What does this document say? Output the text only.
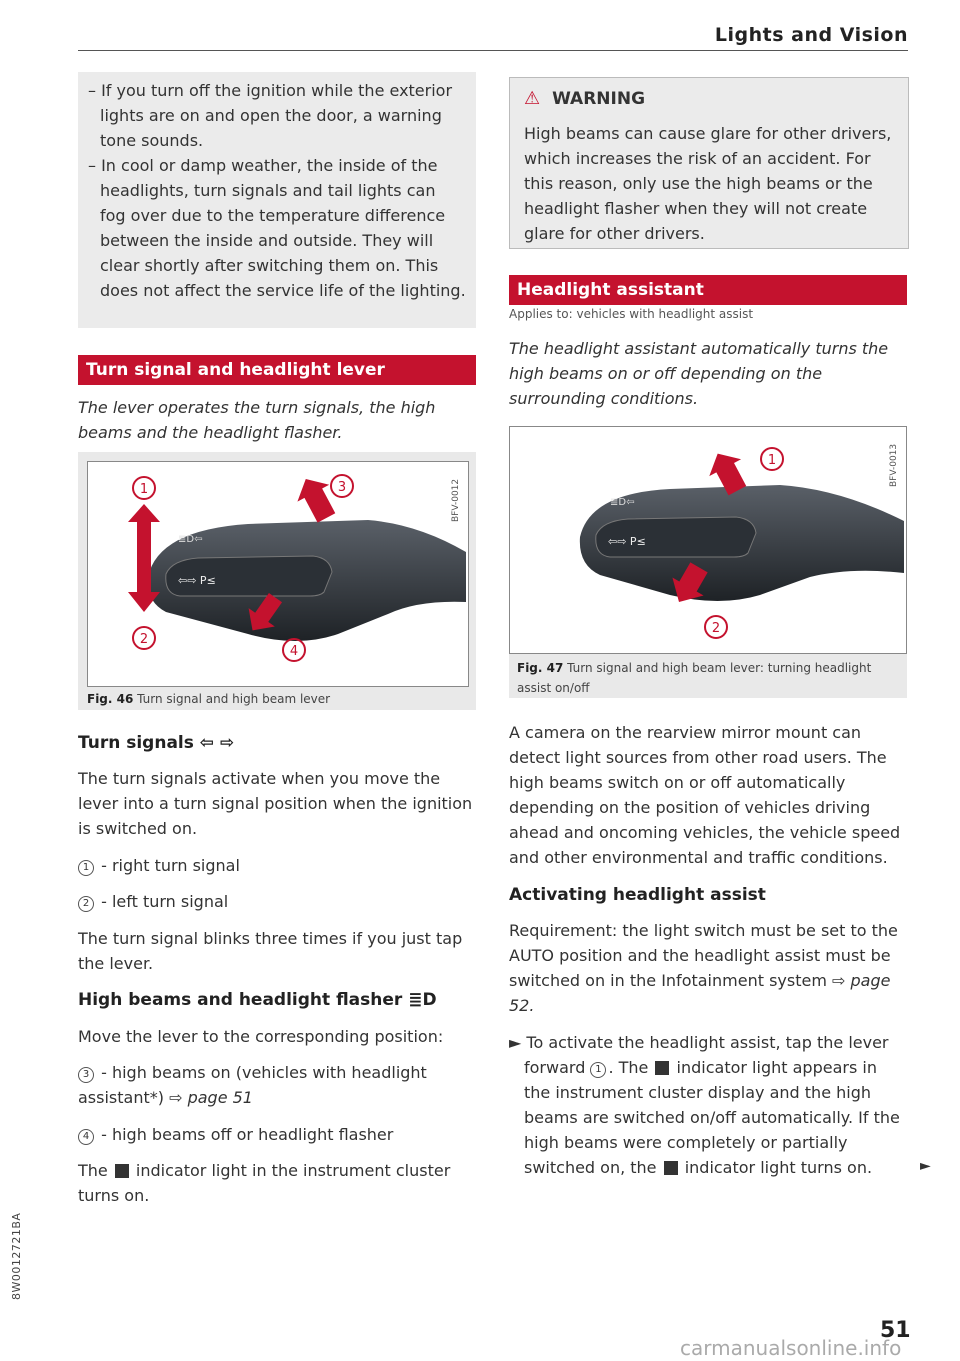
Lights and Vision
– If you turn off the ignition while the exterior lights are on and open the door, a warning tone sounds.
– In cool or damp weather, the inside of the headlights, turn signals and tail lights can fog over due to the temperature difference between the inside and outside. They will clear shortly after switching them on. This does not affect the service life of the lighting.
Turn signal and headlight lever
The lever operates the turn signals, the high beams and the headlight flasher.
≣D⇦
⇦⇨ P≤
1
2
3
4
BFV-0012
Fig. 46 Turn signal and high beam lever
Turn signals ⇦ ⇨
The turn signals activate when you move the lever into a turn signal position when the ignition is switched on.
1 - right turn signal
2 - left turn signal
The turn signal blinks three times if you just tap the lever.
High beams and headlight flasher ≣D
Move the lever to the corresponding position:
3 - high beams on (vehicles with headlight assistant*) ⇨ page 51
4 - high beams off or headlight flasher
The  indicator light in the instrument cluster turns on.
⚠ WARNING
High beams can cause glare for other drivers, which increases the risk of an accident. For this reason, only use the high beams or the headlight flasher when they will not create glare for other drivers.
Headlight assistant
Applies to: vehicles with headlight assist
The headlight assistant automatically turns the high beams on or off depending on the surrounding conditions.
≣D⇦
⇦⇨ P≤
1
2
BFV-0013
Fig. 47 Turn signal and high beam lever: turning headlight assist on/off
A camera on the rearview mirror mount can detect light sources from other road users. The high beams switch on or off automatically depending on the position of vehicles driving ahead and oncoming vehicles, the vehicle speed and other environmental and traffic conditions.
Activating headlight assist
Requirement: the light switch must be set to the AUTO position and the headlight assist must be switched on in the Infotainment system ⇨ page 52.
► To activate the headlight assist, tap the lever forward 1 . The  indicator light appears in the instrument cluster display and the high beams are switched on/off automatically. If the high beams were completely or partially switched on, the  indicator light turns on.	►
51
8W0012721BA
carmanualsonline.info
